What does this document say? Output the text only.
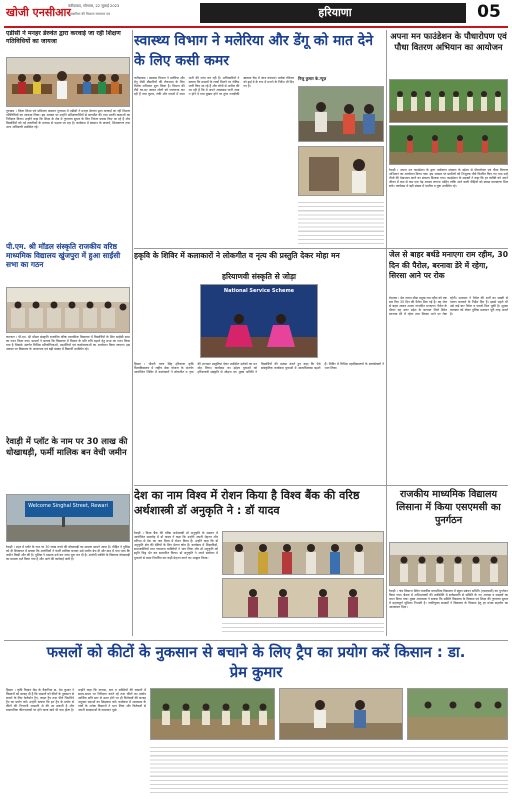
खोजी एनसीआर
फरीदाबाद, सोमवार, 22 जुलाई 2023
पत्रकारिता की मिशाल समाचार पत्र	हरियाणा	05
एडीसी ने मनहर डेरुवंत द्वारा करवाई जा रही शिक्षण गतिविधियों का जायजा
गुरुग्राम । जिला शिक्षा एवं प्रशिक्षण संस्थान गुरुग्राम में एडीसी ने मनहर डेरुवंत द्वारा करवाई जा रही शिक्षण गतिविधियों का जायजा लिया। इस अवसर पर उन्होंने प्रशिक्षणार्थियों से बातचीत की तथा उनकी कक्षाओं का निरीक्षण किया। उन्होंने कहा कि शिक्षा के क्षेत्र में गुणवत्ता सुधार के लिए निरंतर प्रयास किए जा रहे हैं और विद्यार्थियों को नई तकनीकों के माध्यम से पढ़ाया जा रहा है। कार्यक्रम में संस्थान के प्राचार्य, शिक्षकगण तथा अन्य अधिकारी उपस्थित रहे।
पी.एम. श्री मॉडल संस्कृति राजकीय वरिष्ठ माध्यमिक विद्यालय खुंजपुरा में हुआ साईंसी सभा का गठन
करनाल । पी.एम. श्री मॉडल संस्कृति राजकीय वरिष्ठ माध्यमिक विद्यालय में विद्यार्थियों के लिए साईंसी सभा का गठन किया गया। प्राचार्य ने बताया कि विद्यालय में विज्ञान के प्रति रुचि बढ़ाने हेतु सभा का गठन किया गया है जिसके अंतर्गत विभिन्न प्रतियोगिताओं, प्रदर्शनियों एवं कार्यशालाओं का आयोजन किया जाएगा। इस अवसर पर विद्यालय के अध्यापक एवं बड़ी संख्या में विद्यार्थी उपस्थित रहे।
रेवाड़ी में प्लॉट के नाम पर 30 लाख की धोखाधड़ी, फर्मी मालिक बन वेची जमीन
Welcome Singhal Street, Rewari
रेवाड़ी । शहर में प्लॉट के नाम पर 30 लाख रुपये की धोखाधड़ी का मामला सामने आया है। पीड़ित ने पुलिस को दी शिकायत में बताया कि आरोपियों ने फर्जी मालिक बनकर उसे जमीन बेच दी और बाद में पता चला कि जमीन किसी और की है। पुलिस ने मामला दर्ज कर जांच शुरू कर दी है। आरोपी व्यक्ति के खिलाफ धोखाधड़ी का मामला दर्ज किया गया है और आगे की कार्रवाई जारी है।
स्वास्थ्य विभाग ने मलेरिया और डेंगू को मात देने के लिए कसी कमर
फरीदाबाद । स्वास्थ्य विभाग ने मलेरिया और डेंगू जैसी बीमारियों की रोकथाम के लिए विशेष अभियान शुरू किया है। विभाग की टीमें घर-घर जाकर लोगों को जागरूक कर रही हैं तथा कूलर, टंकी और गमलों में जमा पानी की जांच कर रही हैं। अधिकारियों ने बताया कि मच्छरों के लार्वा मिलने पर नोटिस जारी किए जा रहे हैं और लोगों से अपील की जा रही है कि वे अपने आसपास पानी जमा न होने दें तथा बुखार होने पर तुरंत नजदीकी स्वास्थ्य केंद्र में जांच करवाएं। प्रत्येक रविवार को ड्राई डे के रूप में मनाने के निर्देश भी दिए गए हैं।
निजु कुमार के.न्यूज़
अपना मन फाउंडेशन के पौधारोपण एवं पौधा वितरण अभियान का आयोजन
रेवाड़ी । अपना मन फाउंडेशन के द्वारा पर्यावरण संरक्षण के उद्देश्य से पौधारोपण एवं पौधा वितरण अभियान का आयोजन किया गया। इस अवसर पर ग्रामीणों को निःशुल्क पौधे वितरित किए गए तथा उन्हें पौधों की देखभाल करने का संकल्प दिलाया गया। फाउंडेशन के सदस्यों ने कहा कि हर व्यक्ति को अपने जीवन में कम से कम एक पेड़ अवश्य लगाना चाहिए ताकि आने वाली पीढ़ियों को स्वच्छ वातावरण मिल सके। कार्यक्रम में बड़ी संख्या में ग्रामीण व युवा उपस्थित रहे।
हकृवि के शिविर में कलाकारों ने लोकगीत व नृत्य की प्रस्तुति देकर मोहा मन
हरियाणवी संस्कृति से जोड़ा
National Service Scheme
हिसार । चौधरी चरण सिंह हरियाणा कृषि विश्वविद्यालय में राष्ट्रीय सेवा योजना के अंतर्गत आयोजित शिविर में कलाकारों ने लोकगीत व नृत्य की शानदार प्रस्तुतियां देकर उपस्थित दर्शकों का मन मोह लिया। कार्यक्रम का उद्देश्य युवाओं को हरियाणवी संस्कृति से जोड़ना था। मुख्य अतिथि ने विद्यार्थियों की प्रशंसा करते हुए कहा कि ऐसे सांस्कृतिक कार्यक्रम युवाओं में आत्मविश्वास बढ़ाते हैं। शिविर में विभिन्न महाविद्यालयों के स्वयंसेवकों ने भाग लिया।
जेल से बाहर बर्थडे मनाएगा राम रहीम, 30 दिन की पैरोल, बरनावा डेरे में रहेगा, सिरसा आने पर रोक
रोहतक । डेरा सच्चा सौदा प्रमुख राम रहीम को एक बार फिर 30 दिन की पैरोल मिल गई है। वह जेल से बाहर आकर अपना जन्मदिन मनाएगा। पैरोल के दौरान वह उत्तर प्रदेश के बागपत जिले स्थित बरनावा डेरे में रहेगा तथा सिरसा आने पर रोक रहेगी। प्रशासन ने पैरोल की शर्तों का सख्ती से पालन करवाने के निर्देश दिए हैं। इससे पहले भी उसे कई बार पैरोल व फरलो मिल चुकी है। सुरक्षा व्यवस्था को लेकर पुलिस प्रशासन पूरी तरह अलर्ट है।
देश का नाम विश्व में रोशन किया है विश्व बैंक की वरिष्ठ अर्थशास्त्री डॉ अनुकृति ने : डॉ यादव
रेवाड़ी । विश्व बैंक की वरिष्ठ अर्थशास्त्री डॉ अनुकृति के सम्मान में आयोजित समारोह में डॉ यादव ने कहा कि उन्होंने अपनी मेहनत और प्रतिभा से देश का नाम विश्व में रोशन किया है। उन्होंने कहा कि डॉ अनुकृति क्षेत्र की बेटियों के लिए प्रेरणा स्रोत हैं। कार्यक्रम में शिक्षाविदों, समाजसेवियों तथा गणमान्य व्यक्तियों ने भाग लिया और डॉ अनुकृति को स्मृति चिह्न भेंट कर सम्मानित किया। डॉ अनुकृति ने अपने संबोधन में युवाओं से लक्ष्य निर्धारित कर कड़ी मेहनत करने का आह्वान किया।
राजकीय माध्यमिक विद्यालय लिसाना में किया एसएमसी का पुनर्गठन
रेवाड़ी । गांव लिसाना स्थित राजकीय माध्यमिक विद्यालय में स्कूल प्रबंधन समिति (एसएमसी) का पुनर्गठन किया गया। बैठक में अभिभावकों की उपस्थिति में सर्वसम्मति से समिति के नए अध्यक्ष व सदस्यों का चयन किया गया। मुख्य अध्यापक ने बताया कि समिति विद्यालय के विकास एवं शिक्षा की गुणवत्ता सुधार में महत्वपूर्ण भूमिका निभाती है। नवनियुक्त सदस्यों ने विद्यालय के विकास हेतु हर संभव सहयोग का आश्वासन दिया।
फसलों को कीटों के नुकसान से बचाने के लिए ट्रैप का प्रयोग करें किसान : डा. प्रेम कुमार
हिसार । कृषि विज्ञान केंद्र के वैज्ञानिक डा. प्रेम कुमार ने किसानों को सलाह दी है कि फसलों को कीटों के नुकसान से बचाने के लिए फेरोमोन ट्रैप, लाइट ट्रैप तथा पीले चिपचिपे ट्रैप का प्रयोग करें। उन्होंने बताया कि इन ट्रैप के प्रयोग से कीटों की निगरानी आसानी से की जा सकती है और रासायनिक कीटनाशकों पर होने वाला खर्च भी कम होता है। उन्होंने कहा कि कपास, धान व सब्जियों की फसलों में समय-समय पर निरीक्षण करते रहें तथा कीटों का प्रकोप आर्थिक क्षति स्तर से ऊपर होने पर ही विशेषज्ञों की सलाह अनुसार दवाओं का छिड़काव करें। कार्यक्रम में आसपास के गांवों के अनेक किसानों ने भाग लिया और विशेषज्ञों से अपनी समस्याओं के समाधान पूछे।
